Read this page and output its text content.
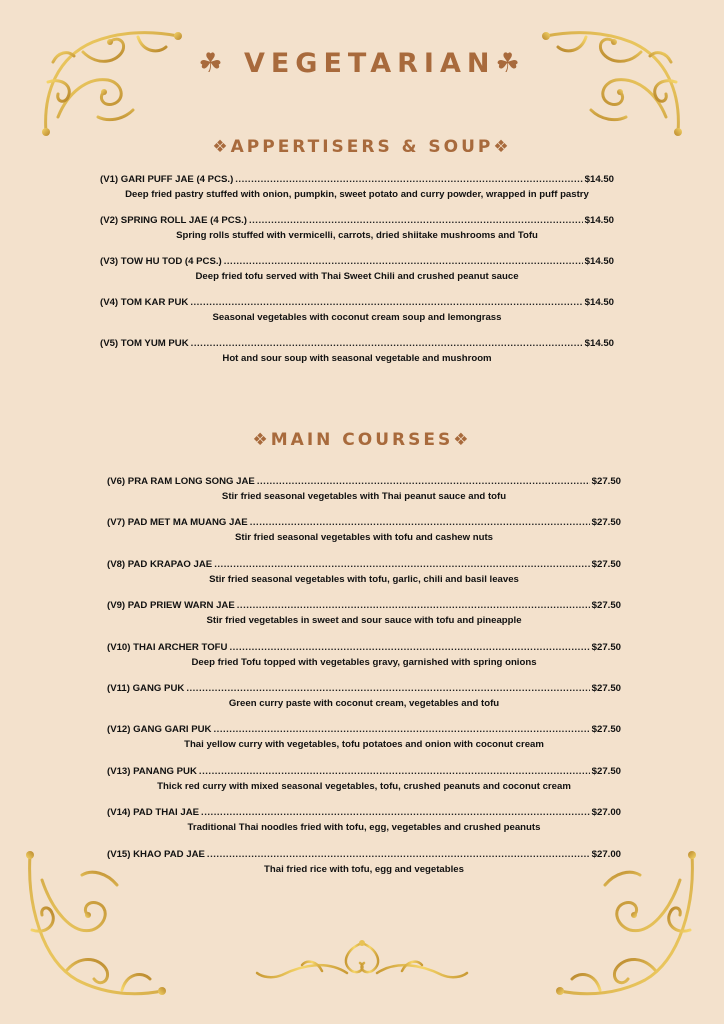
☘ VEGETARIAN☘
❖APPERTISERS & SOUP❖
(V1) GARI PUFF JAE (4 PCS.) .....	$14.50
Deep fried pastry stuffed with onion, pumpkin, sweet potato and curry powder, wrapped in puff pastry
(V2) SPRING ROLL JAE (4 PCS.) .....	$14.50
Spring rolls stuffed with vermicelli, carrots, dried shiitake mushrooms and Tofu
(V3) TOW HU TOD (4 PCS.) .....	$14.50
Deep fried tofu served with Thai Sweet Chili and crushed peanut sauce
(V4) TOM KAR PUK .....	$14.50
Seasonal vegetables with coconut cream soup and lemongrass
(V5) TOM YUM PUK .....	$14.50
Hot and sour soup with seasonal vegetable and mushroom
❖MAIN COURSES❖
(V6) PRA RAM LONG SONG JAE .....	$27.50
Stir fried seasonal vegetables with Thai peanut sauce and tofu
(V7) PAD MET MA MUANG JAE .....	$27.50
Stir fried seasonal vegetables with tofu and cashew nuts
(V8) PAD KRAPAO JAE .....	$27.50
Stir fried seasonal vegetables with tofu, garlic, chili and basil leaves
(V9) PAD PRIEW WARN JAE .....	$27.50
Stir fried vegetables in sweet and sour sauce with tofu and pineapple
(V10) THAI ARCHER TOFU .....	$27.50
Deep fried Tofu topped with vegetables gravy, garnished with spring onions
(V11) GANG PUK .....	$27.50
Green curry paste with coconut cream, vegetables and tofu
(V12) GANG GARI PUK .....	$27.50
Thai yellow curry with vegetables, tofu potatoes and onion with coconut cream
(V13) PANANG PUK .....	$27.50
Thick red curry with mixed seasonal vegetables, tofu, crushed peanuts and coconut cream
(V14) PAD THAI JAE .....	$27.00
Traditional Thai noodles fried with tofu, egg, vegetables and crushed peanuts
(V15) KHAO PAD JAE .....	$27.00
Thai fried rice with tofu, egg and vegetables
